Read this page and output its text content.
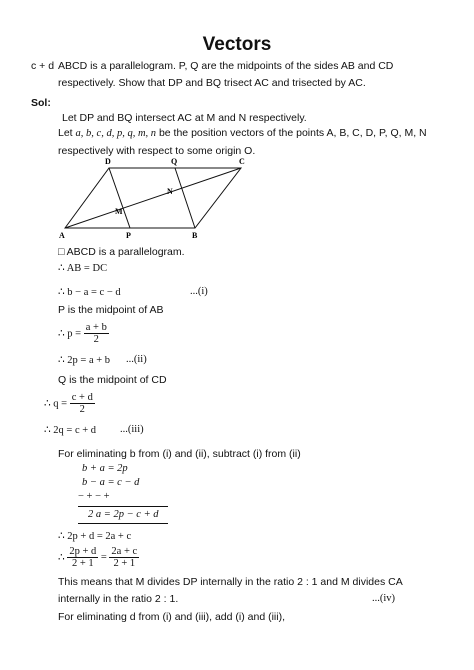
Vectors
c + d ABCD is a parallelogram. P, Q are the midpoints of the sides AB and CD
respectively. Show that DP and BQ trisect AC and trisected by AC.
Sol:
Let DP and BQ intersect AC at M and N respectively.
Let a, b, c, d, p, q, m, n be the position vectors of the points A, B, C, D, P, Q, M, N
respectively with respect to some origin O.
D	Q	C
N
M
A	P	B
□ ABCD is a parallelogram.
∴ AB = DC
∴ b − a = c − d	...(i)
P is the midpoint of AB
∴ $p = \frac{a + b}{2}$
∴ 2p = a + b ...(ii)
Q is the midpoint of CD
∴ $q = \frac{c + d}{2}$
∴ 2q = c + d ...(iii)
For eliminating b from (i) and (ii), subtract (i) from (ii)
b + a = 2p
b − a = c − d
− + − +
2 a = 2p − c + d
∴ 2p + d = 2a + c
∴ $\frac{2p + d}{2 + 1} = \frac{2a + c}{2 + 1}$
This means that M divides DP internally in the ratio 2 : 1 and M divides CA
internally in the ratio 2 : 1.	...(iv)
For eliminating d from (i) and (iii), add (i) and (iii),
